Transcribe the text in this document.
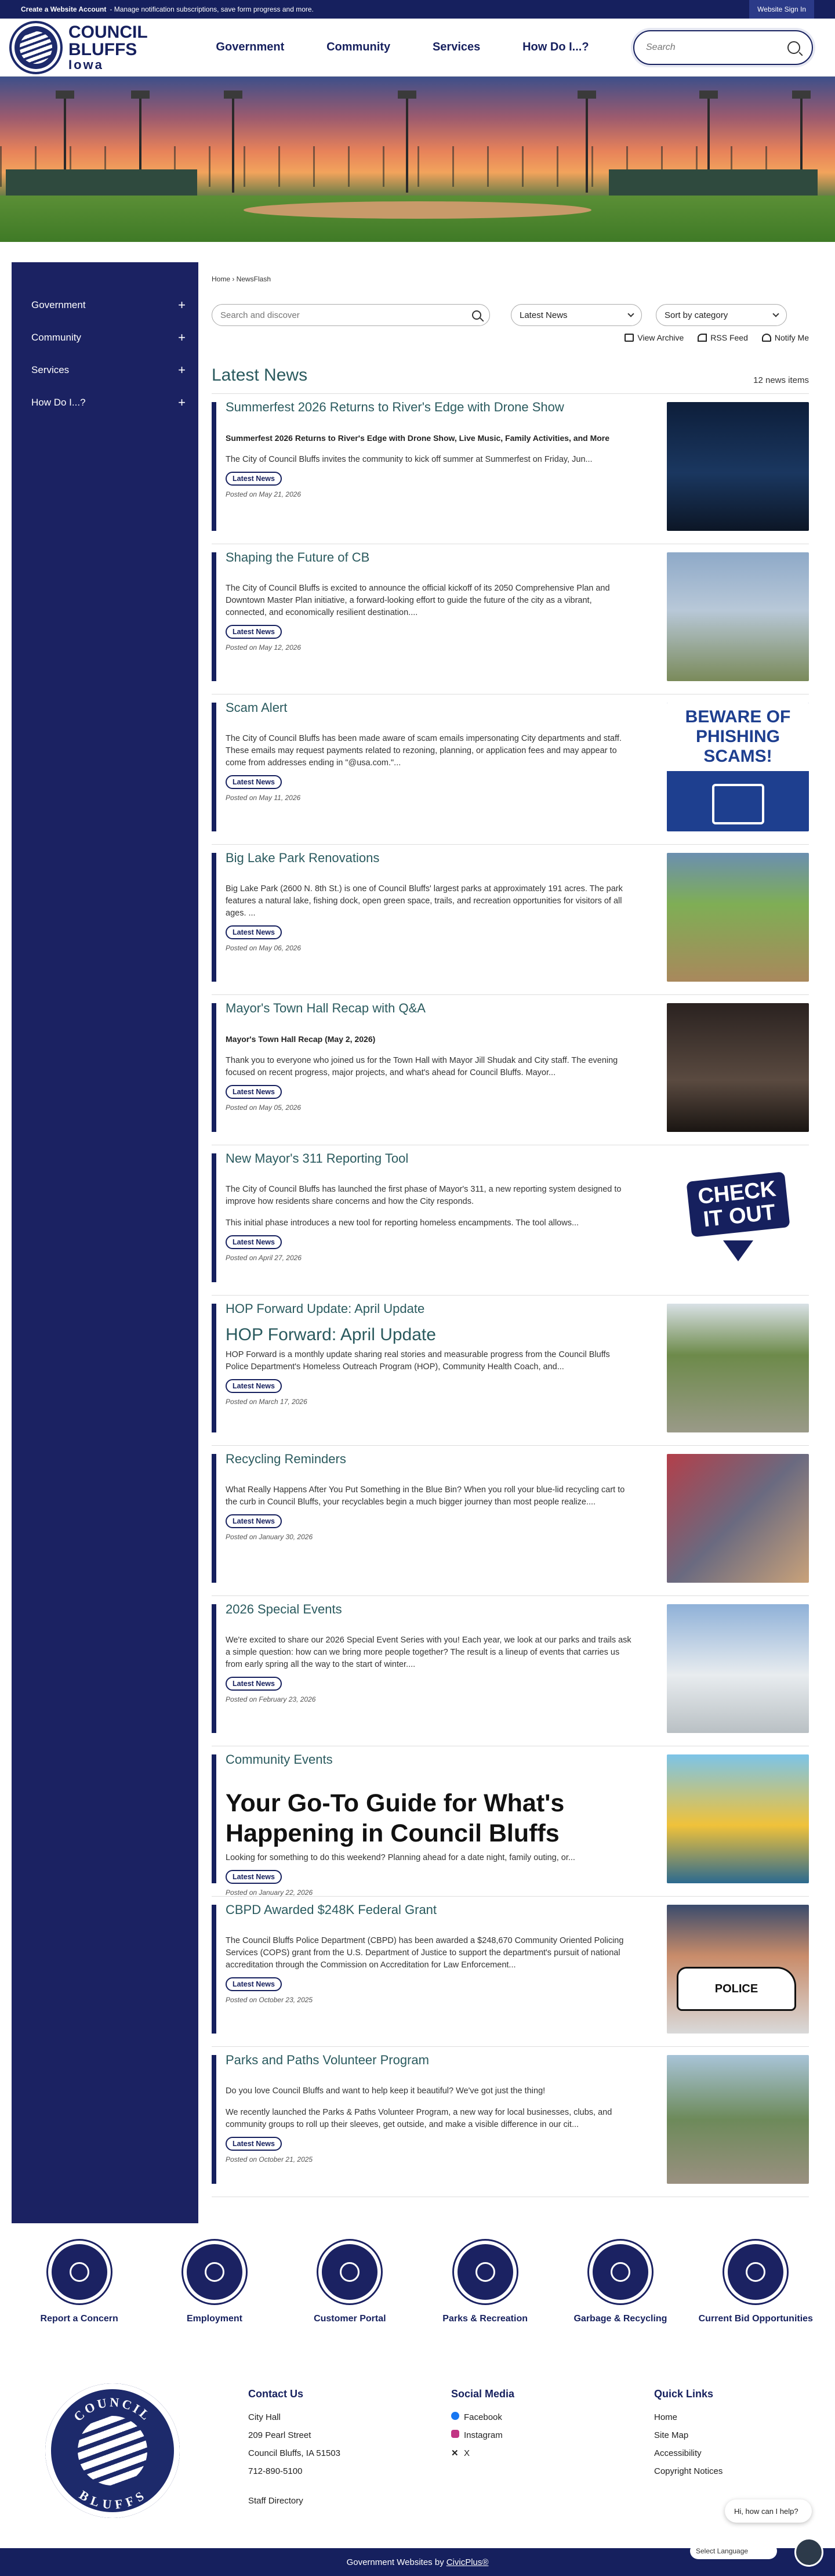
Create a Website Account - Manage notification subscriptions, save form progress and more.	Website Sign In
COUNCIL
BLUFFS
Iowa
Government	Community	Services	How Do I...?
Search
Government	+
Community	+
Services	+
How Do I...?	+
Home › NewsFlash
Search and discover
Latest News	Sort by category
View Archive	RSS Feed	Notify Me
Latest News	12 news items
Summerfest 2026 Returns to River's Edge with Drone Show
Summerfest 2026 Returns to River's Edge with Drone Show, Live Music, Family Activities, and More

The City of Council Bluffs invites the community to kick off summer at Summerfest on Friday, Jun...

Latest News
Posted on May 21, 2026
Shaping the Future of CB

The City of Council Bluffs is excited to announce the official kickoff of its 2050 Comprehensive Plan and Downtown Master Plan initiative, a forward-looking effort to guide the future of the city as a vibrant, connected, and economically resilient destination....

Latest News
Posted on May 12, 2026
Scam Alert

The City of Council Bluffs has been made aware of scam emails impersonating City departments and staff. These emails may request payments related to rezoning, planning, or application fees and may appear to come from addresses ending in "@usa.com."...

Latest News
Posted on May 11, 2026
BEWARE OF PHISHING SCAMS!
Big Lake Park Renovations

Big Lake Park (2600 N. 8th St.) is one of Council Bluffs' largest parks at approximately 191 acres. The park features a natural lake, fishing dock, open green space, trails, and recreation opportunities for visitors of all ages. ...

Latest News
Posted on May 06, 2026
Mayor's Town Hall Recap with Q&A
Mayor's Town Hall Recap (May 2, 2026)

Thank you to everyone who joined us for the Town Hall with Mayor Jill Shudak and City staff. The evening focused on recent progress, major projects, and what's ahead for Council Bluffs. Mayor...

Latest News
Posted on May 05, 2026
New Mayor's 311 Reporting Tool

The City of Council Bluffs has launched the first phase of Mayor's 311, a new reporting system designed to improve how residents share concerns and how the City responds.

This initial phase introduces a new tool for reporting homeless encampments. The tool allows...

Latest News
Posted on April 27, 2026
CHECK IT OUT
HOP Forward Update: April Update
HOP Forward: April Update

HOP Forward is a monthly update sharing real stories and measurable progress from the Council Bluffs Police Department's Homeless Outreach Program (HOP), Community Health Coach, and...

Latest News
Posted on March 17, 2026
Recycling Reminders

What Really Happens After You Put Something in the Blue Bin? When you roll your blue-lid recycling cart to the curb in Council Bluffs, your recyclables begin a much bigger journey than most people realize....

Latest News
Posted on January 30, 2026
2026 Special Events

We're excited to share our 2026 Special Event Series with you! Each year, we look at our parks and trails ask a simple question: how can we bring more people together? The result is a lineup of events that carries us from early spring all the way to the start of winter....

Latest News
Posted on February 23, 2026
Community Events
Your Go-To Guide for What's Happening in Council Bluffs

Looking for something to do this weekend? Planning ahead for a date night, family outing, or...

Latest News
Posted on January 22, 2026
CBPD Awarded $248K Federal Grant

The Council Bluffs Police Department (CBPD) has been awarded a $248,670 Community Oriented Policing Services (COPS) grant from the U.S. Department of Justice to support the department's pursuit of national accreditation through the Commission on Accreditation for Law Enforcement...

Latest News
Posted on October 23, 2025
POLICE
Parks and Paths Volunteer Program

Do you love Council Bluffs and want to help keep it beautiful? We've got just the thing!

We recently launched the Parks & Paths Volunteer Program, a new way for local businesses, clubs, and community groups to roll up their sleeves, get outside, and make a visible difference in our cit...

Latest News
Posted on October 21, 2025
Report a Concern	Employment	Customer Portal	Parks & Recreation	Garbage & Recycling	Current Bid Opportunities
COUNCIL
BLUFFS
Contact Us
City Hall
209 Pearl Street
Council Bluffs, IA 51503
712-890-5100
Staff Directory
Social Media
Facebook
Instagram
✕ X
Quick Links
Home
Site Map
Accessibility
Copyright Notices
Hi, how can I help?
Government Websites by CivicPlus®
Select Language
